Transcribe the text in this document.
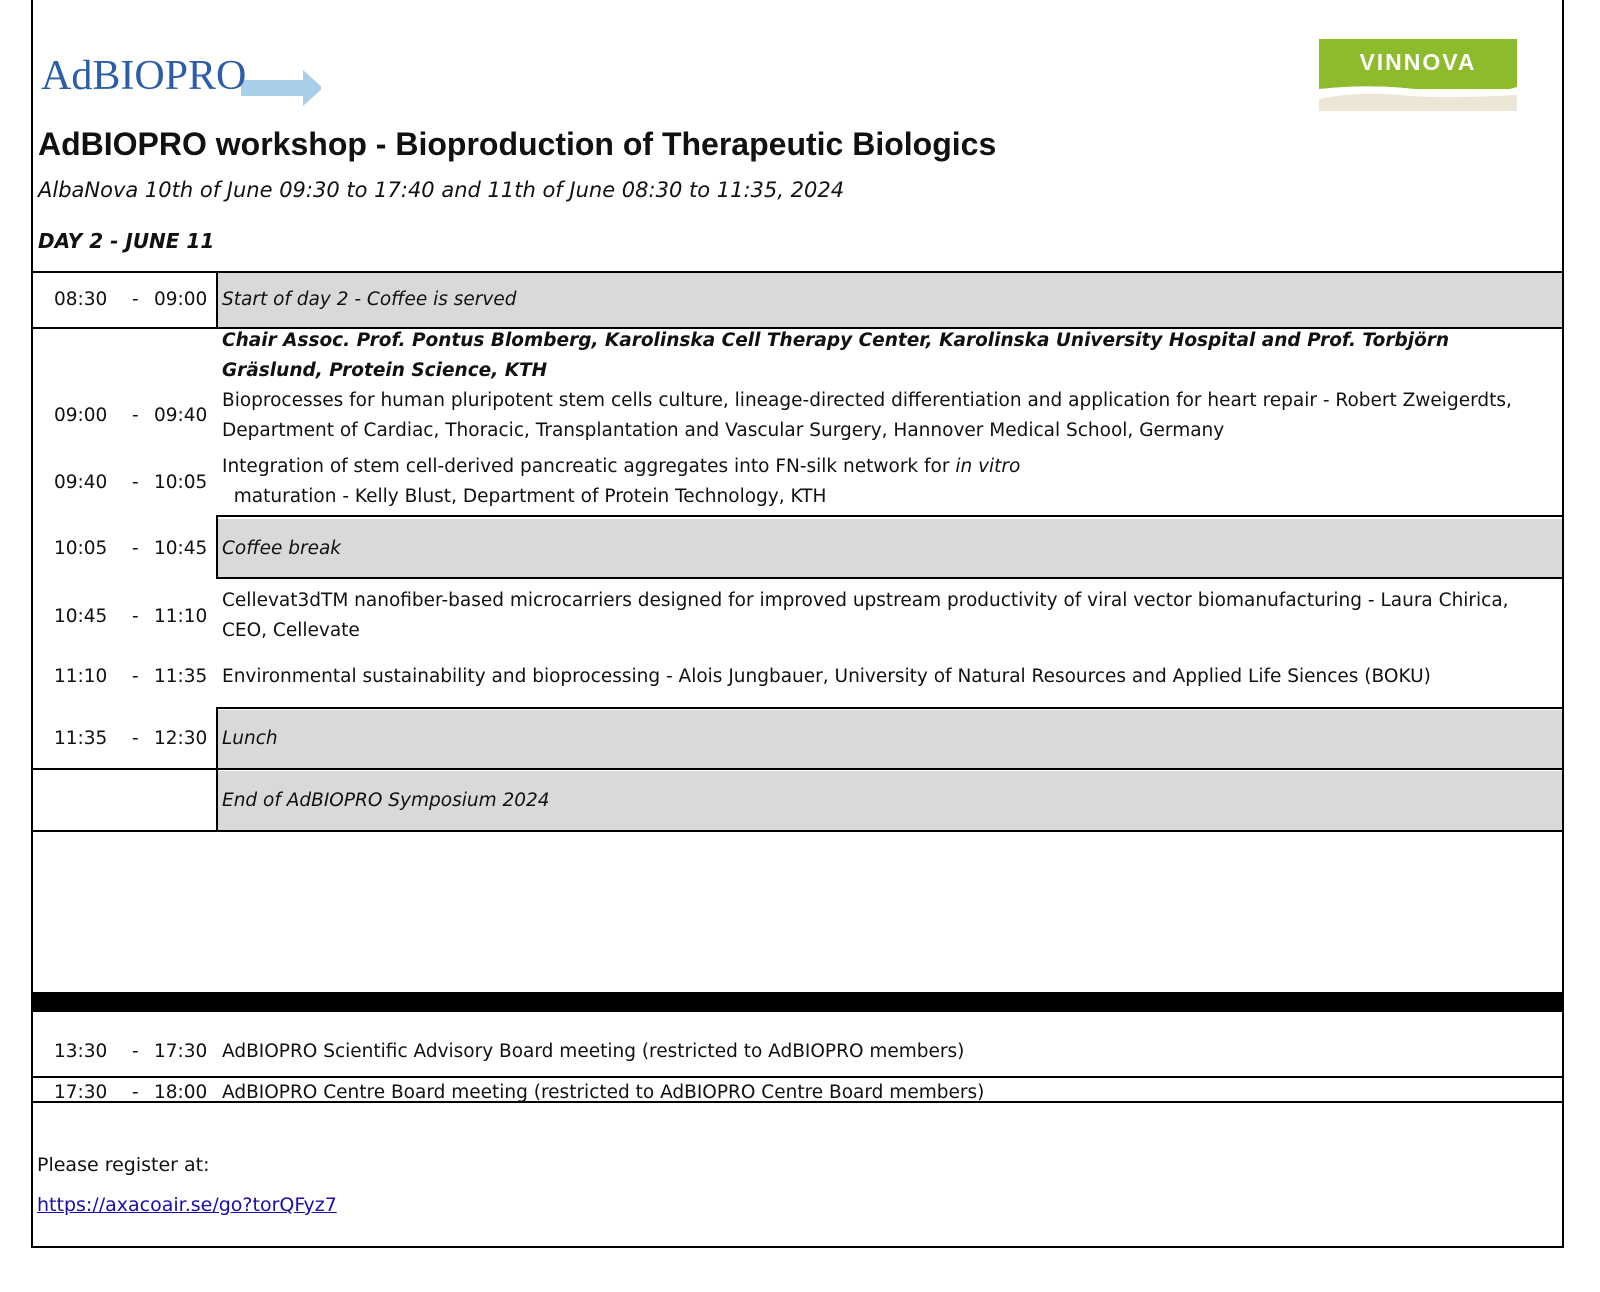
AdBIOPRO	VINNOVA
AdBIOPRO workshop - Bioproduction of Therapeutic Biologics
AlbaNova 10th of June 09:30 to 17:40 and 11th of June 08:30 to 11:35, 2024
DAY 2 - JUNE 11
08:30 - 09:00 Start of day 2 - Coffee is served
Chair Assoc. Prof. Pontus Blomberg, Karolinska Cell Therapy Center, Karolinska University Hospital and Prof. Torbjörn Gräslund, Protein Science, KTH
09:00 - 09:40
Bioprocesses for human pluripotent stem cells culture, lineage-directed differentiation and application for heart repair - Robert Zweigerdts, Department of Cardiac, Thoracic, Transplantation and Vascular Surgery, Hannover Medical School, Germany
09:40 - 10:05
Integration of stem cell-derived pancreatic aggregates into FN-silk network for in vitro  maturation - Kelly Blust, Department of Protein Technology, KTH
10:05 - 10:45 Coffee break
10:45 - 11:10
Cellevat3dTM nanofiber-based microcarriers designed for improved upstream productivity of viral vector biomanufacturing - Laura Chirica, CEO, Cellevate
11:10 - 11:35 Environmental sustainability and bioprocessing - Alois Jungbauer, University of Natural Resources and Applied Life Siences (BOKU)
11:35 - 12:30 Lunch
End of AdBIOPRO Symposium 2024
13:30 - 17:30 AdBIOPRO Scientific Advisory Board meeting (restricted to AdBIOPRO members)
17:30 - 18:00 AdBIOPRO Centre Board meeting (restricted to AdBIOPRO Centre Board members)
Please register at:
https://axacoair.se/go?torQFyz7
